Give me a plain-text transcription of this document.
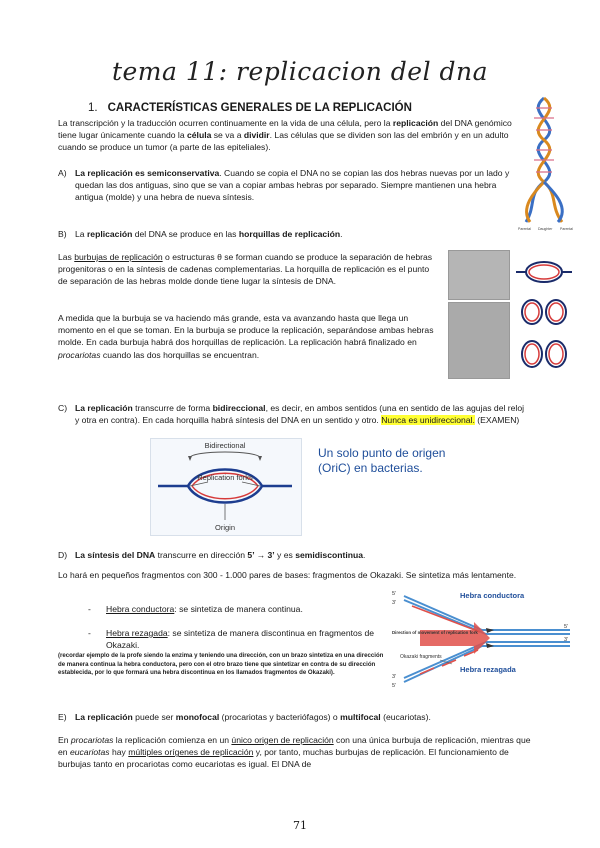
tema 11: replicacion del dna
1. CARACTERÍSTICAS GENERALES DE LA REPLICACIÓN
Parental Daughter Parental

La transcripción y la traducción ocurren continuamente en la vida de una célula, pero la replicación del DNA genómico tiene lugar únicamente cuando la célula se va a dividir. Las células que se dividen son las del embrión y en un adulto cuando se produce un tumor (a parte de las epiteliales).

A) La replicación es semiconservativa. Cuando se copia el DNA no se copian las dos hebras nuevas por un lado y quedan las dos antiguas, sino que se van a copiar ambas hebras por separado. Siempre mantienen una hebra antigua (molde) y una hebra de nueva síntesis.

B) La replicación del DNA se produce en las horquillas de replicación.

Las burbujas de replicación o estructuras θ se forman cuando se produce la separación de hebras progenitoras o en la síntesis de cadenas complementarias. La horquilla de replicación es el punto de separación de las hebras molde donde tiene lugar la síntesis de DNA.

A medida que la burbuja se va haciendo más grande, esta va avanzando hasta que llega un momento en el que se toman. En la burbuja se produce la replicación, separándose ambas hebras molde. En cada burbuja habrá dos horquillas de replicación. La replicación habrá finalizado en procariotas cuando las dos horquillas se encuentran.

C) La replicación transcurre de forma bidireccional, es decir, en ambos sentidos (una en sentido de las agujas del reloj y otra en contra). En cada horquilla habrá síntesis del DNA en un sentido y otro. Nunca es unidireccional. (EXAMEN)

Bidirectional
Replication forks
Origin
Un solo punto de origen (OriC) en bacterias.
D) La síntesis del DNA transcurre en dirección 5’ → 3’ y es semidiscontinua.

Lo hará en pequeños fragmentos con 300 - 1.000 pares de bases: fragmentos de Okazaki. Se sintetiza más lentamente.

- Hebra conductora: se sintetiza de manera continua.
- Hebra rezagada: se sintetiza de manera discontinua en fragmentos de Okazaki.

(recordar ejemplo de la profe siendo la enzima y teniendo una dirección, con un brazo sintetiza en una dirección de manera continua la hebra conductora, pero con el otro brazo tiene que sintetizar en contra de su dirección establecida, por lo que formará una hebra discontinua en los llamados fragmentos de Okazaki).

5’
3’
Hebra conductora
Direction of movement of replication fork
Okazaki fragments
Hebra rezagada
5’
3’
3’
5’
E) La replicación puede ser monofocal (procariotas y bacteriófagos) o multifocal (eucariotas).

En procariotas la replicación comienza en un único origen de replicación con una única burbuja de replicación, mientras que en eucariotas hay múltiples orígenes de replicación y, por tanto, muchas burbujas de replicación. El funcionamiento de burbujas tanto en procariotas como eucariotas es igual. El DNA de

71
